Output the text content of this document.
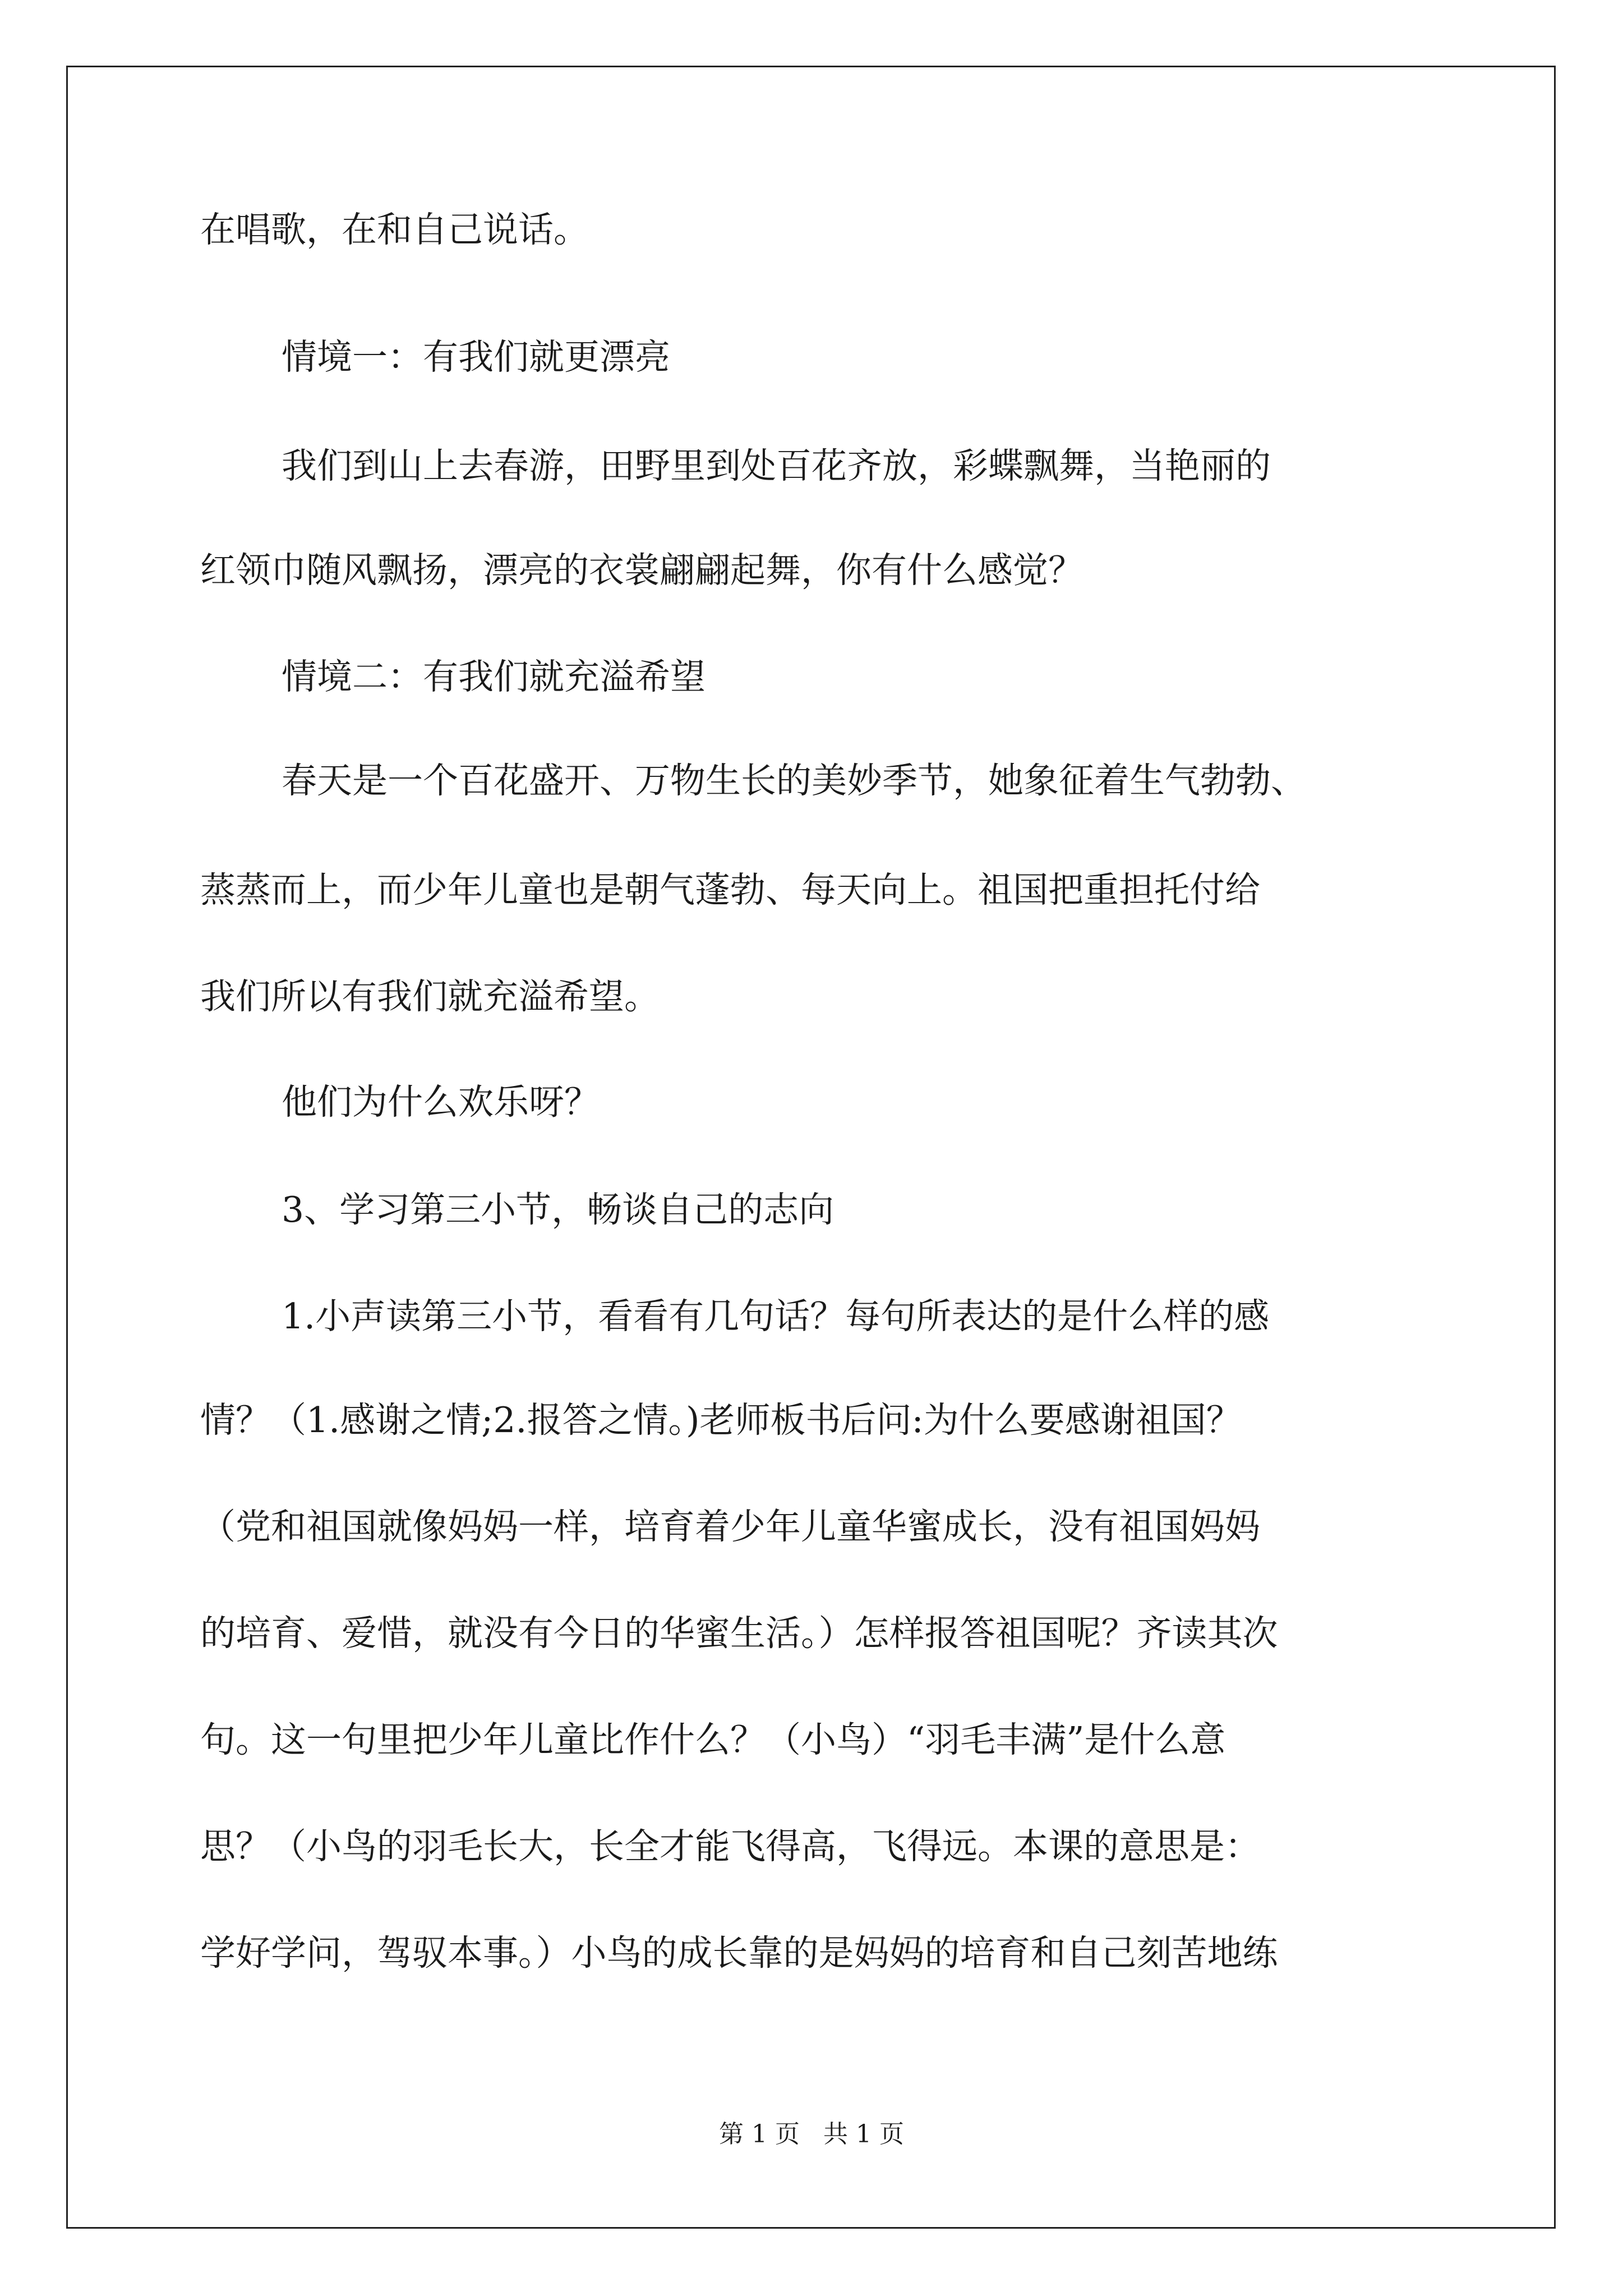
在唱歌，在和自己说话。

情境一：有我们就更漂亮

我们到山上去春游，田野里到处百花齐放，彩蝶飘舞，当艳丽的

红领巾随风飘扬，漂亮的衣裳翩翩起舞，你有什么感觉？

情境二：有我们就充溢希望

春天是一个百花盛开、万物生长的美妙季节，她象征着生气勃勃、

蒸蒸而上，而少年儿童也是朝气蓬勃、每天向上。祖国把重担托付给

我们所以有我们就充溢希望。

他们为什么欢乐呀？

3、学习第三小节，畅谈自己的志向

1.小声读第三小节，看看有几句话？每句所表达的是什么样的感

情？（1.感谢之情;2.报答之情。)老师板书后问:为什么要感谢祖国？

（党和祖国就像妈妈一样，培育着少年儿童华蜜成长，没有祖国妈妈

的培育、爱惜，就没有今日的华蜜生活。）怎样报答祖国呢？齐读其次

句。这一句里把少年儿童比作什么？（小鸟）“羽毛丰满”是什么意

思？（小鸟的羽毛长大，长全才能飞得高，飞得远。本课的意思是：

学好学问，驾驭本事。）小鸟的成长靠的是妈妈的培育和自己刻苦地练

第 1 页   共 1 页
